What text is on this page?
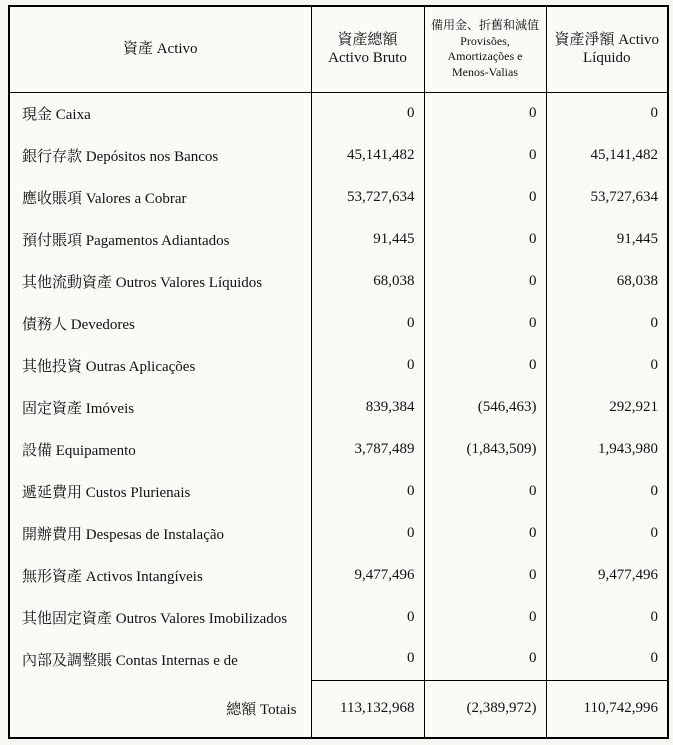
資產 Activo	資產總額 Activo Bruto	備用金、折舊和減值 Provisões, Amortizações e Menos-Valias	資產淨額 Activo Líquido
現金 Caixa	0	0	0
銀行存款 Depósitos nos Bancos	45,141,482	0	45,141,482
應收賬項 Valores a Cobrar	53,727,634	0	53,727,634
預付賬項 Pagamentos Adiantados	91,445	0	91,445
其他流動資產 Outros Valores Líquidos	68,038	0	68,038
債務人 Devedores	0	0	0
其他投資 Outras Aplicações	0	0	0
固定資產 Imóveis	839,384	(546,463)	292,921
設備 Equipamento	3,787,489	(1,843,509)	1,943,980
遞延費用 Custos Plurienais	0	0	0
開辦費用 Despesas de Instalação	0	0	0
無形資產 Activos Intangíveis	9,477,496	0	9,477,496
其他固定資產 Outros Valores Imobilizados	0	0	0
內部及調整賬 Contas Internas e de	0	0	0
總額 Totais	113,132,968	(2,389,972)	110,742,996
